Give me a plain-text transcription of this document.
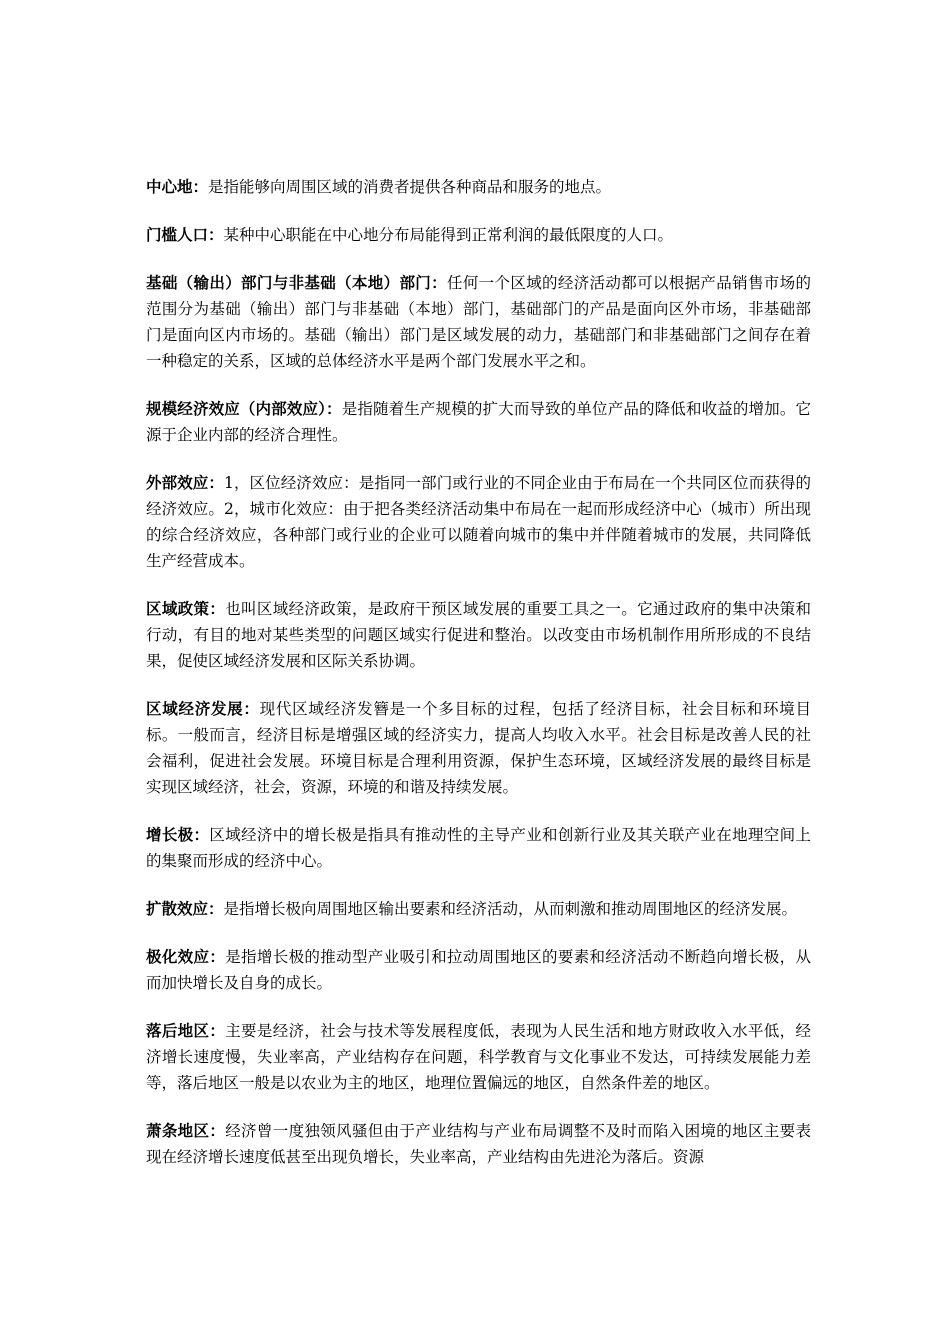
中心地：是指能够向周围区域的消费者提供各种商品和服务的地点。

门槛人口：某种中心职能在中心地分布局能得到正常利润的最低限度的人口。

基础（输出）部门与非基础（本地）部门：任何一个区域的经济活动都可以根据产品销售市场的范围分为基础（输出）部门与非基础（本地）部门，基础部门的产品是面向区外市场，非基础部门是面向区内市场的。基础（输出）部门是区域发展的动力，基础部门和非基础部门之间存在着一种稳定的关系，区域的总体经济水平是两个部门发展水平之和。

规模经济效应（内部效应）：是指随着生产规模的扩大而导致的单位产品的降低和收益的增加。它源于企业内部的经济合理性。

外部效应：1，区位经济效应：是指同一部门或行业的不同企业由于布局在一个共同区位而获得的经济效应。2，城市化效应：由于把各类经济活动集中布局在一起而形成经济中心（城市）所出现的综合经济效应，各种部门或行业的企业可以随着向城市的集中并伴随着城市的发展，共同降低生产经营成本。

区域政策：也叫区域经济政策，是政府干预区域发展的重要工具之一。它通过政府的集中决策和行动，有目的地对某些类型的问题区域实行促进和整治。以改变由市场机制作用所形成的不良结果，促使区域经济发展和区际关系协调。

区域经济发展：现代区域经济发簪是一个多目标的过程，包括了经济目标，社会目标和环境目标。一般而言，经济目标是增强区域的经济实力，提高人均收入水平。社会目标是改善人民的社会福利，促进社会发展。环境目标是合理利用资源，保护生态环境，区域经济发展的最终目标是实现区域经济，社会，资源，环境的和谐及持续发展。

增长极：区域经济中的增长极是指具有推动性的主导产业和创新行业及其关联产业在地理空间上的集聚而形成的经济中心。

扩散效应：是指增长极向周围地区输出要素和经济活动，从而刺激和推动周围地区的经济发展。

极化效应：是指增长极的推动型产业吸引和拉动周围地区的要素和经济活动不断趋向增长极，从而加快增长及自身的成长。

落后地区：主要是经济，社会与技术等发展程度低，表现为人民生活和地方财政收入水平低，经济增长速度慢，失业率高，产业结构存在问题，科学教育与文化事业不发达，可持续发展能力差等，落后地区一般是以农业为主的地区，地理位置偏远的地区，自然条件差的地区。

萧条地区：经济曾一度独领风骚但由于产业结构与产业布局调整不及时而陷入困境的地区主要表现在经济增长速度低甚至出现负增长，失业率高，产业结构由先进沦为落后。资源
